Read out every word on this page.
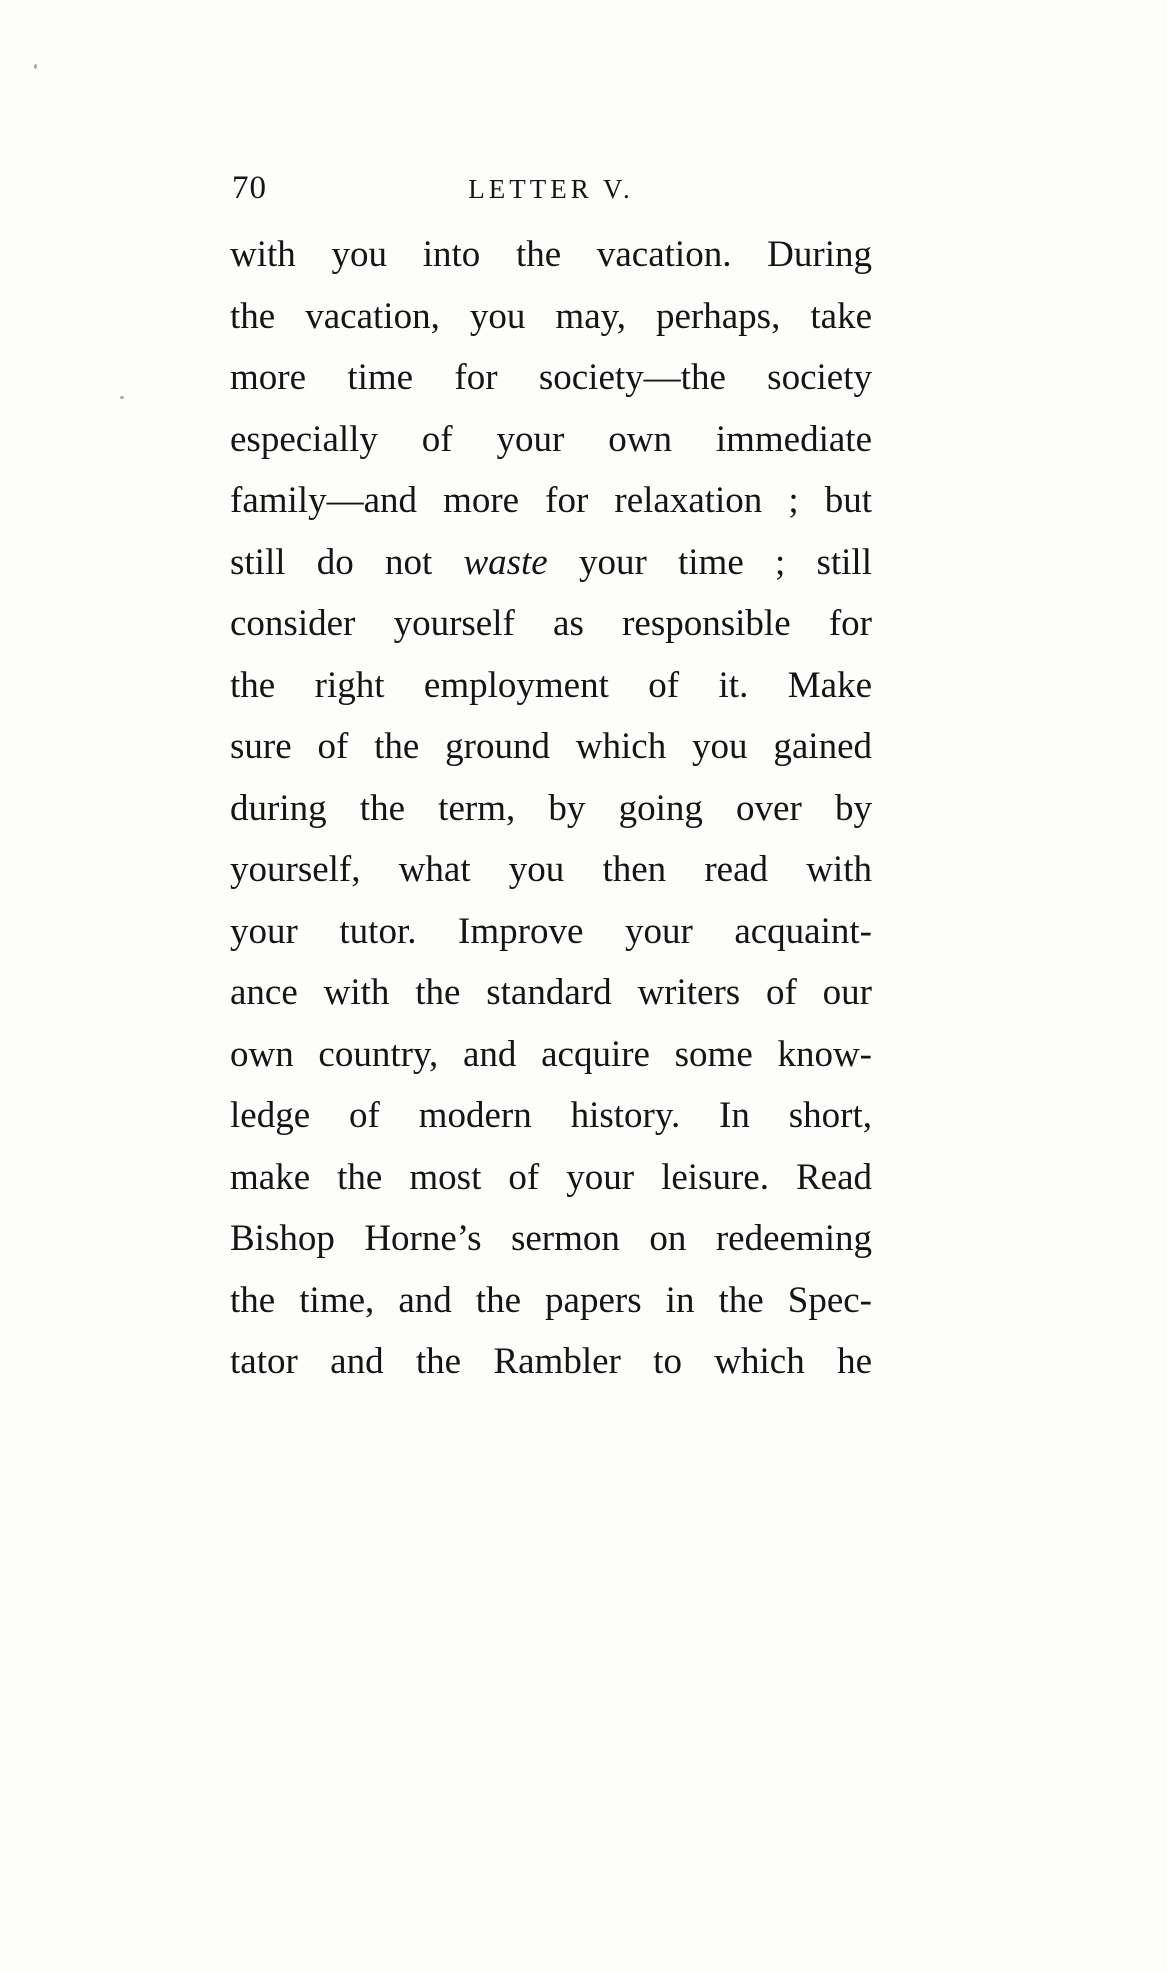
70	LETTER V.
with you into the vacation. During
the vacation, you may, perhaps, take
more time for society—the society
especially of your own immediate
family—and more for relaxation ; but
still do not waste your time ; still
consider yourself as responsible for
the right employment of it. Make
sure of the ground which you gained
during the term, by going over by
yourself, what you then read with
your tutor. Improve your acquaint-
ance with the standard writers of our
own country, and acquire some know-
ledge of modern history. In short,
make the most of your leisure. Read
Bishop Horne’s sermon on redeeming
the time, and the papers in the Spec-
tator and the Rambler to which he
